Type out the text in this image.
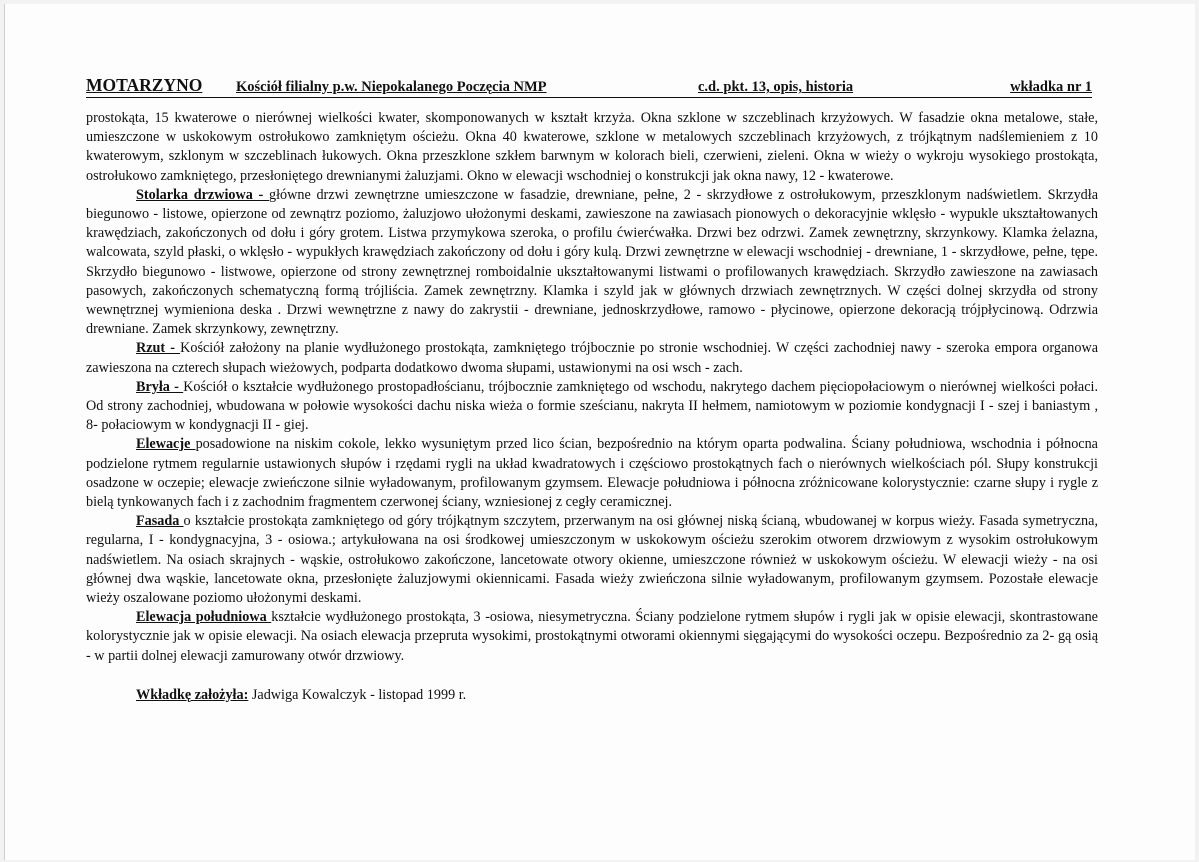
MOTARZYNO Kościół filialny p.w. Niepokalanego Poczęcia NMP	c.d. pkt. 13, opis, historia	wkładka nr 1

prostokąta, 15 kwaterowe o nierównej wielkości kwater, skomponowanych w kształt krzyża. Okna szklone w szczeblinach krzyżowych. W fasadzie okna metalowe, stałe, umieszczone w uskokowym ostrołukowo zamkniętym ościeżu. Okna 40 kwaterowe, szklone w metalowych szczeblinach krzyżowych, z trójkątnym nadślemieniem z 10 kwaterowym, szklonym w szczeblinach łukowych. Okna przeszklone szkłem barwnym w kolorach bieli, czerwieni, zieleni. Okna w wieży o wykroju wysokiego prostokąta, ostrołukowo zamkniętego, przesłoniętego drewnianymi żaluzjami. Okno w elewacji wschodniej o konstrukcji jak okna nawy, 12 - kwaterowe.

Stolarka drzwiowa - główne drzwi zewnętrzne umieszczone w fasadzie, drewniane, pełne, 2 - skrzydłowe z ostrołukowym, przeszklonym nadświetlem. Skrzydła biegunowo - listowe, opierzone od zewnątrz poziomo, żaluzjowo ułożonymi deskami, zawieszone na zawiasach pionowych o dekoracyjnie wklęsło - wypukle ukształtowanych krawędziach, zakończonych od dołu i góry grotem. Listwa przymykowa szeroka, o profilu ćwierćwałka. Drzwi bez odrzwi. Zamek zewnętrzny, skrzynkowy. Klamka żelazna, walcowata, szyld płaski, o wklęsło - wypukłych krawędziach zakończony od dołu i góry kulą. Drzwi zewnętrzne w elewacji wschodniej - drewniane, 1 - skrzydłowe, pełne, tępe. Skrzydło biegunowo - listwowe, opierzone od strony zewnętrznej romboidalnie ukształtowanymi listwami o profilowanych krawędziach. Skrzydło zawieszone na zawiasach pasowych, zakończonych schematyczną formą trójliścia. Zamek zewnętrzny. Klamka i szyld jak w głównych drzwiach zewnętrznych. W części dolnej skrzydła od strony wewnętrznej wymieniona deska . Drzwi wewnętrzne z nawy do zakrystii - drewniane, jednoskrzydłowe, ramowo - płycinowe, opierzone dekoracją trójpłycinową. Odrzwia drewniane. Zamek skrzynkowy, zewnętrzny.

Rzut - Kościół założony na planie wydłużonego prostokąta, zamkniętego trójbocznie po stronie wschodniej. W części zachodniej nawy - szeroka empora organowa zawieszona na czterech słupach wieżowych, podparta dodatkowo dwoma słupami, ustawionymi na osi wsch - zach.

Bryła - Kościół o kształcie wydłużonego prostopadłościanu, trójbocznie zamkniętego od wschodu, nakrytego dachem pięciopołaciowym o nierównej wielkości połaci. Od strony zachodniej, wbudowana w połowie wysokości dachu niska wieża o formie sześcianu, nakryta II hełmem, namiotowym w poziomie kondygnacji I - szej i baniastym , 8- połaciowym w kondygnacji II - giej.

Elewacje posadowione na niskim cokole, lekko wysuniętym przed lico ścian, bezpośrednio na którym oparta podwalina. Ściany południowa, wschodnia i północna podzielone rytmem regularnie ustawionych słupów i rzędami rygli na układ kwadratowych i częściowo prostokątnych fach o nierównych wielkościach pól. Słupy konstrukcji osadzone w oczepie; elewacje zwieńczone silnie wyładowanym, profilowanym gzymsem. Elewacje południowa i północna zróżnicowane kolorystycznie: czarne słupy i rygle z bielą tynkowanych fach i z zachodnim fragmentem czerwonej ściany, wzniesionej z cegły ceramicznej.

Fasada o kształcie prostokąta zamkniętego od góry trójkątnym szczytem, przerwanym na osi głównej niską ścianą, wbudowanej w korpus wieży. Fasada symetryczna, regularna, I - kondygnacyjna, 3 - osiowa.; artykułowana na osi środkowej umieszczonym w uskokowym ościeżu szerokim otworem drzwiowym z wysokim ostrołukowym nadświetlem. Na osiach skrajnych - wąskie, ostrołukowo zakończone, lancetowate otwory okienne, umieszczone również w uskokowym ościeżu. W elewacji wieży - na osi głównej dwa wąskie, lancetowate okna, przesłonięte żaluzjowymi okiennicami. Fasada wieży zwieńczona silnie wyładowanym, profilowanym gzymsem. Pozostałe elewacje wieży oszalowane poziomo ułożonymi deskami.

Elewacja południowa kształcie wydłużonego prostokąta, 3 -osiowa, niesymetryczna. Ściany podzielone rytmem słupów i rygli jak w opisie elewacji, skontrastowane kolorystycznie jak w opisie elewacji. Na osiach elewacja przepruta wysokimi, prostokątnymi otworami okiennymi sięgającymi do wysokości oczepu. Bezpośrednio za 2- gą osią - w partii dolnej elewacji zamurowany otwór drzwiowy.

Wkładkę założyła: Jadwiga Kowalczyk - listopad 1999 r.
